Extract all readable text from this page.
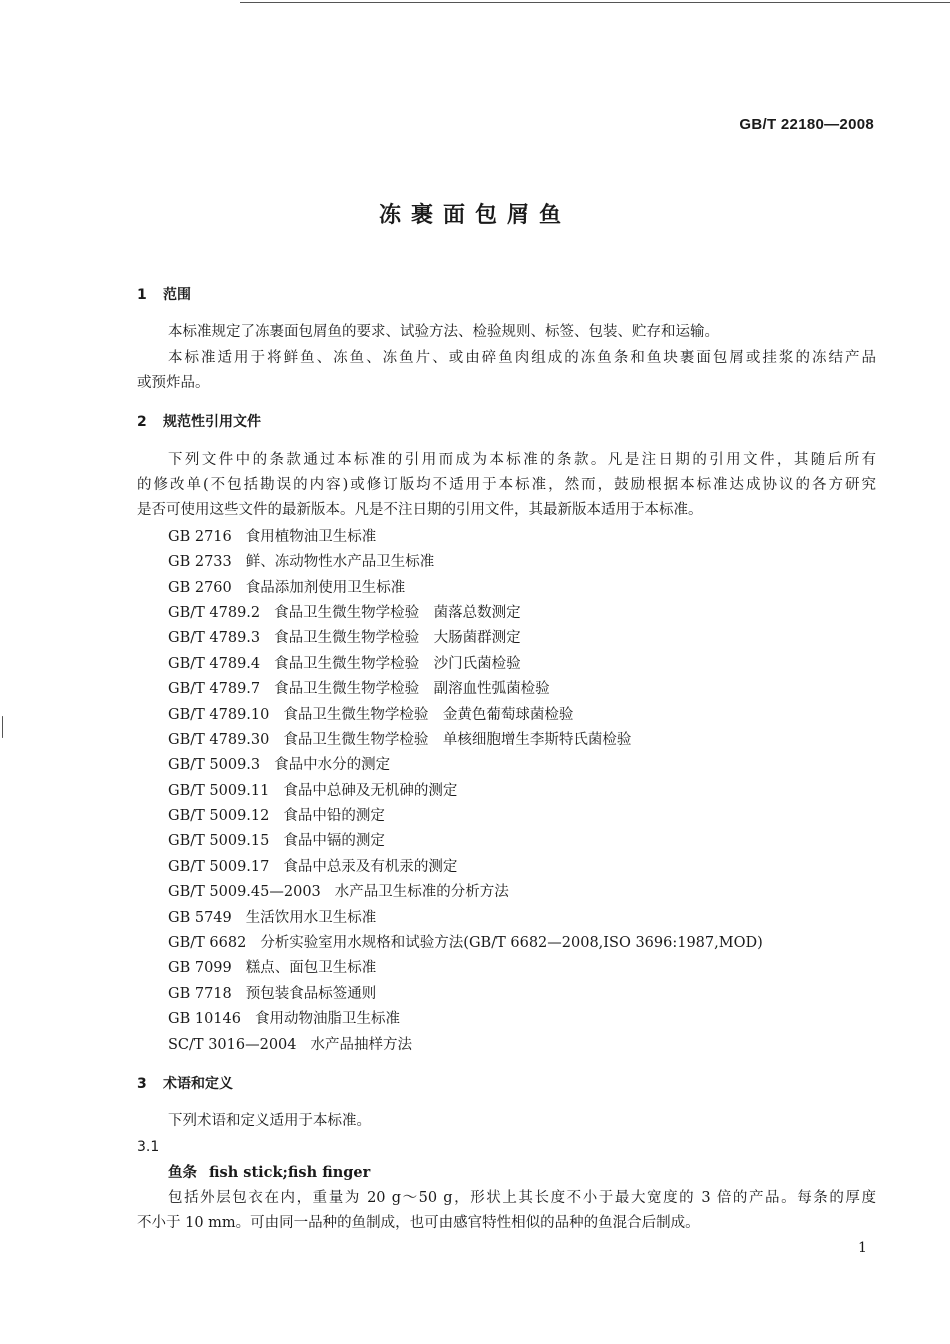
GB/T 22180—2008
冻裹面包屑鱼
1 范围
本标准规定了冻裹面包屑鱼的要求、试验方法、检验规则、标签、包装、贮存和运输。
本标准适用于将鲜鱼、冻鱼、冻鱼片、或由碎鱼肉组成的冻鱼条和鱼块裹面包屑或挂浆的冻结产品
或预炸品。
2 规范性引用文件
下列文件中的条款通过本标准的引用而成为本标准的条款。凡是注日期的引用文件，其随后所有
的修改单(不包括勘误的内容)或修订版均不适用于本标准，然而，鼓励根据本标准达成协议的各方研究
是否可使用这些文件的最新版本。凡是不注日期的引用文件，其最新版本适用于本标准。
GB 2716 食用植物油卫生标准
GB 2733 鲜、冻动物性水产品卫生标准
GB 2760 食品添加剂使用卫生标准
GB/T 4789.2 食品卫生微生物学检验　菌落总数测定
GB/T 4789.3 食品卫生微生物学检验　大肠菌群测定
GB/T 4789.4 食品卫生微生物学检验　沙门氏菌检验
GB/T 4789.7 食品卫生微生物学检验　副溶血性弧菌检验
GB/T 4789.10 食品卫生微生物学检验　金黄色葡萄球菌检验
GB/T 4789.30 食品卫生微生物学检验　单核细胞增生李斯特氏菌检验
GB/T 5009.3 食品中水分的测定
GB/T 5009.11 食品中总砷及无机砷的测定
GB/T 5009.12 食品中铅的测定
GB/T 5009.15 食品中镉的测定
GB/T 5009.17 食品中总汞及有机汞的测定
GB/T 5009.45—2003 水产品卫生标准的分析方法
GB 5749 生活饮用水卫生标准
GB/T 6682 分析实验室用水规格和试验方法(GB/T 6682—2008,ISO 3696:1987,MOD)
GB 7099 糕点、面包卫生标准
GB 7718 预包装食品标签通则
GB 10146 食用动物油脂卫生标准
SC/T 3016—2004 水产品抽样方法
3 术语和定义
下列术语和定义适用于本标准。
3.1
鱼条 fish stick;fish finger
包括外层包衣在内，重量为 20 g～50 g，形状上其长度不小于最大宽度的 3 倍的产品。每条的厚度
不小于 10 mm。可由同一品种的鱼制成，也可由感官特性相似的品种的鱼混合后制成。
1
